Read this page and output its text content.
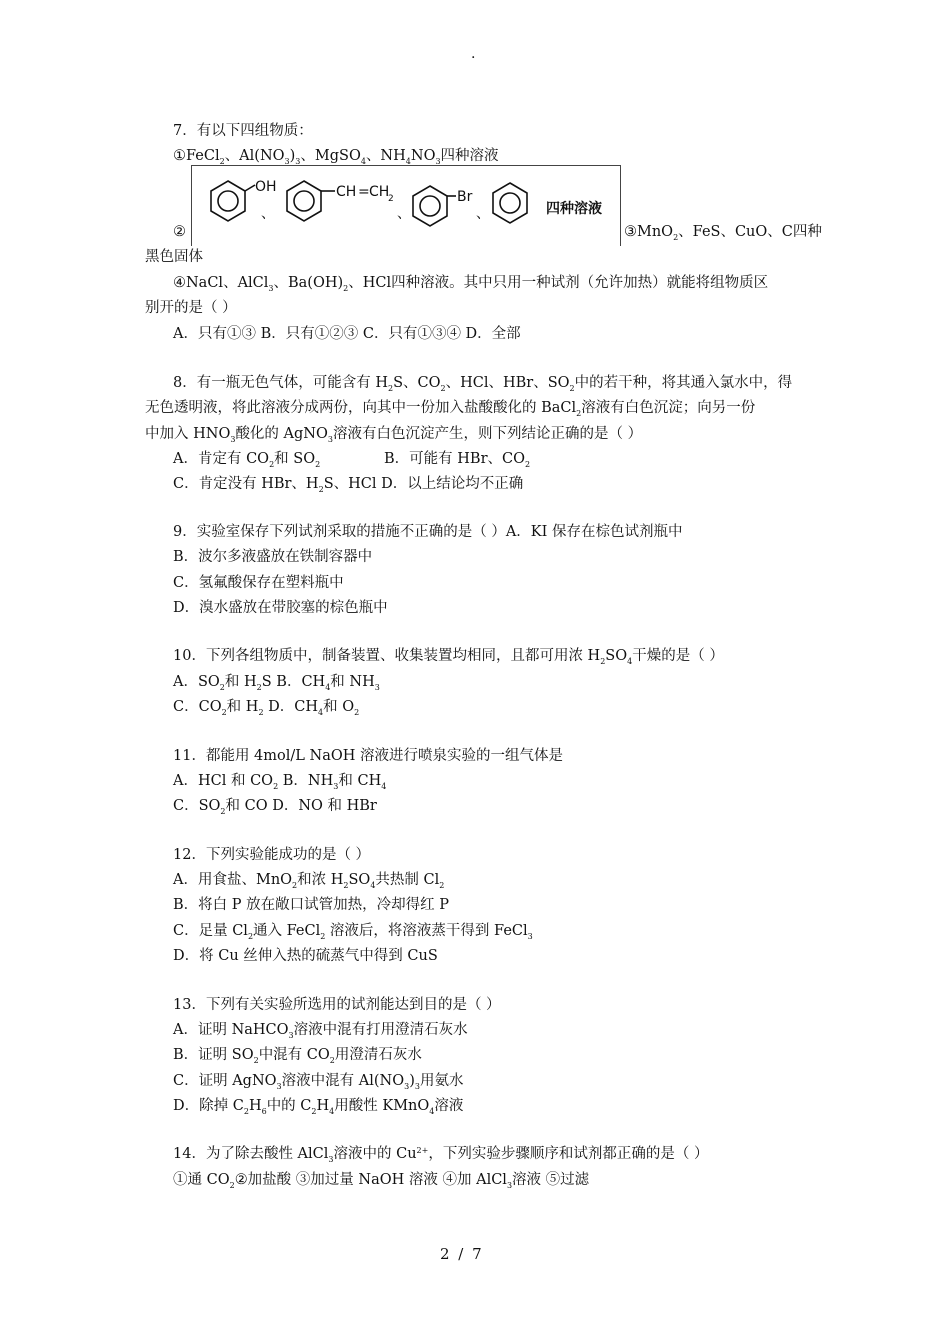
.
7．有以下四组物质：
①FeCl$_2$、$Al(NO_3)_3$、MgSO$_4$、$NH_4NO_3$四种溶液
OH
、
CH = CH
2
、
Br
、	四种溶液
②	③MnO$_2$、FeS、CuO、C四种
黑色固体
④NaCl、AlCl$_3$、$Ba(OH)_2$、HCl四种溶液。其中只用一种试剂（允许加热）就能将组物质区
别开的是（ ）
A．只有①③ B．只有①②③ C．只有①③④ D．全部
8．有一瓶无色气体，可能含有 $H_2S$、$CO_2$、HCl、HBr、$SO_2$中的若干种，将其通入氯水中，得
无色透明液，将此溶液分成两份，向其中一份加入盐酸酸化的 BaCl$_2$溶液有白色沉淀；向另一份
中加入 $HNO_3$酸化的 AgNO$_3$溶液有白色沉淀产生，则下列结论正确的是（ ）
A．肯定有 $CO_2$和 $SO_2$	B．可能有 HBr、$CO_2$
C．肯定没有 HBr、$H_2S$、HCl D．以上结论均不正确
9．实验室保存下列试剂采取的措施不正确的是（ ）A．KI 保存在棕色试剂瓶中
B．波尔多液盛放在铁制容器中
C．氢氟酸保存在塑料瓶中
D．溴水盛放在带胶塞的棕色瓶中
10．下列各组物质中，制备装置、收集装置均相同，且都可用浓 $H_2SO_4$干燥的是（ ）
A．$SO_2$和 $H_2S$ B．$CH_4$和 $NH_3$
C．$CO_2$和 $H_2$ D．$CH_4$和 $O_2$
11．都能用 4mol/L NaOH 溶液进行喷泉实验的一组气体是
A．HCl 和 $CO_2$ B．$NH_3$和 $CH_4$
C．$SO_2$和 CO D．NO 和 HBr
12．下列实验能成功的是（ ）
A．用食盐、MnO$_2$和浓 $H_2SO_4$共热制 $Cl_2$
B．将白 P 放在敞口试管加热，冷却得红 P
C．足量 $Cl_2$通入 FeCl$_2$ 溶液后，将溶液蒸干得到 FeCl$_3$
D．将 Cu 丝伸入热的硫蒸气中得到 CuS
13．下列有关实验所选用的试剂能达到目的是（ ）
A．证明 NaHCO$_3$溶液中混有打用澄清石灰水
B．证明 $SO_2$中混有 $CO_2$用澄清石灰水
C．证明 AgNO$_3$溶液中混有 $Al(NO_3)_3$用氨水
D．除掉 $C_2H_6$中的 $C_2H_4$用酸性 KMnO$_4$溶液
14．为了除去酸性 AlCl$_3$溶液中的 $Cu^{2+}$，下列实验步骤顺序和试剂都正确的是（ ）
①通 $CO_2②$加盐酸 ③加过量 NaOH 溶液 ④加 AlCl$_3$溶液 ⑤过滤
2 / 7
